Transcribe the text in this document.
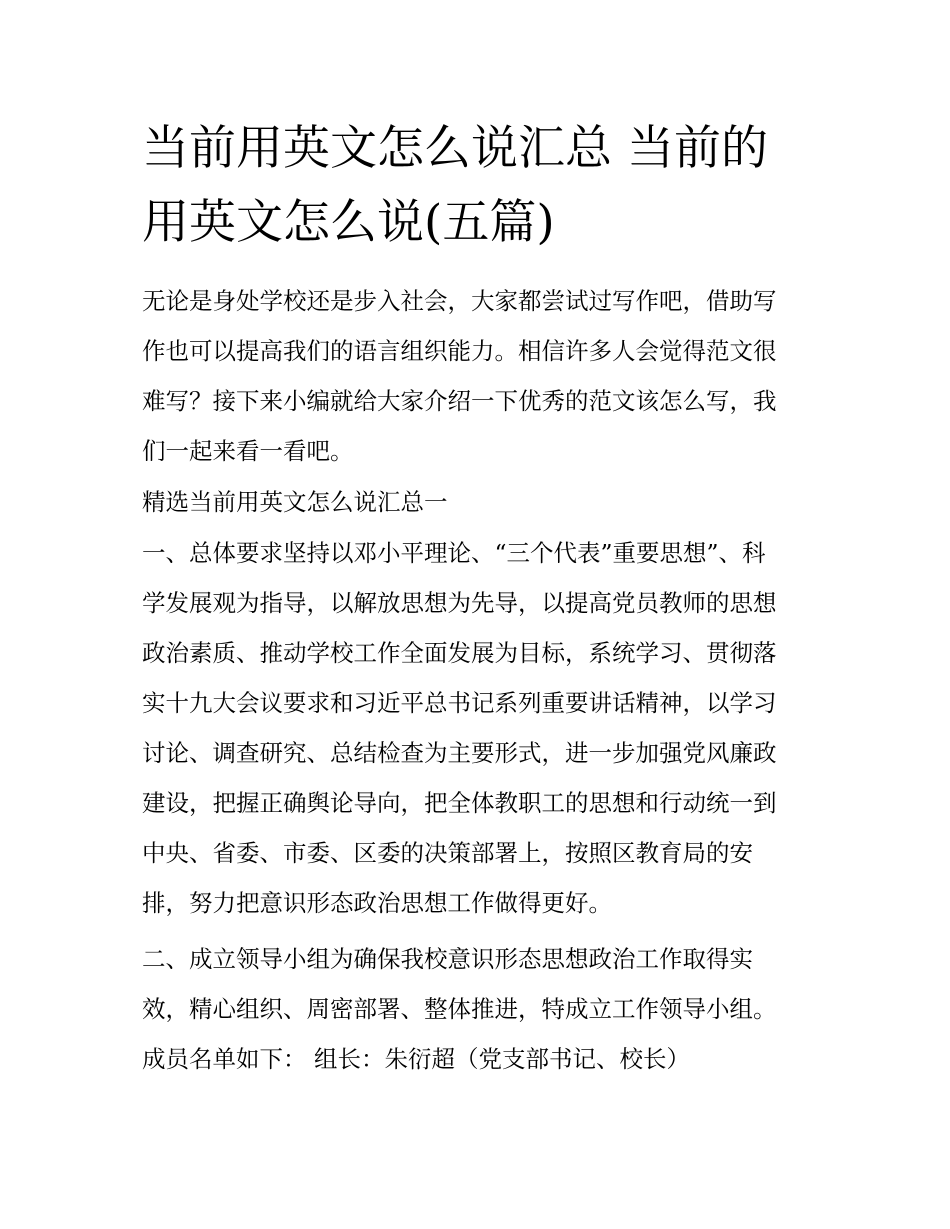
当前用英文怎么说汇总 当前的
用英文怎么说(五篇)

无论是身处学校还是步入社会，大家都尝试过写作吧，借助写
作也可以提高我们的语言组织能力。相信许多人会觉得范文很
难写？接下来小编就给大家介绍一下优秀的范文该怎么写，我
们一起来看一看吧。

精选当前用英文怎么说汇总一

一、总体要求坚持以邓小平理论、“三个代表”重要思想”、科
学发展观为指导，以解放思想为先导，以提高党员教师的思想
政治素质、推动学校工作全面发展为目标，系统学习、贯彻落
实十九大会议要求和习近平总书记系列重要讲话精神，以学习
讨论、调查研究、总结检查为主要形式，进一步加强党风廉政
建设，把握正确舆论导向，把全体教职工的思想和行动统一到
中央、省委、市委、区委的决策部署上，按照区教育局的安
排，努力把意识形态政治思想工作做得更好。

二、成立领导小组为确保我校意识形态思想政治工作取得实
效，精心组织、周密部署、整体推进，特成立工作领导小组。
成员名单如下： 组长：朱衍超（党支部书记、校长）
